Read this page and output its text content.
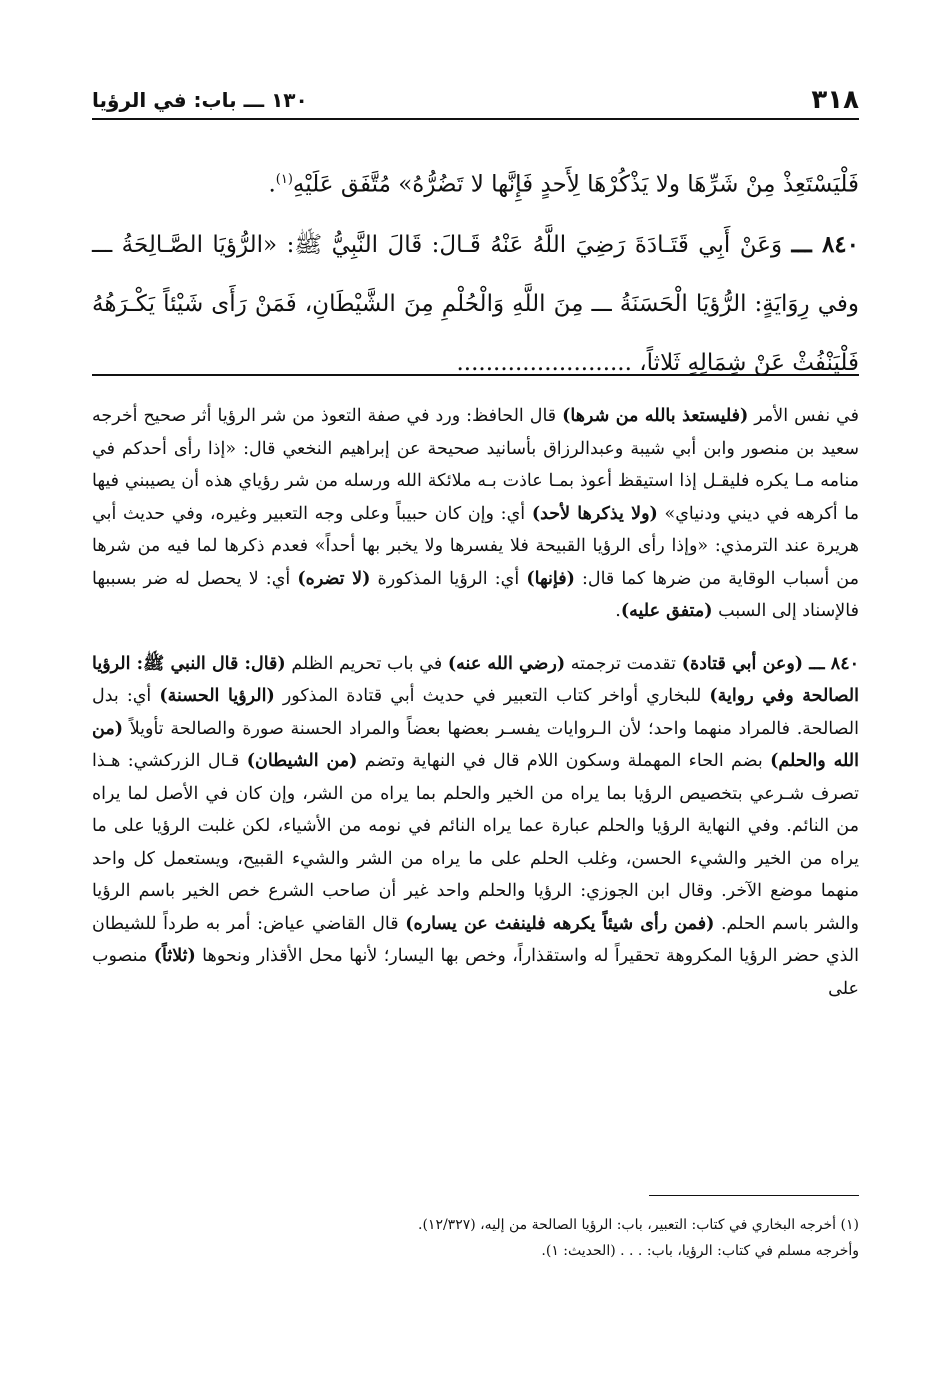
٣١٨
١٣٠ ـــ باب: في الرؤيا

فَلْيَسْتَعِذْ مِنْ شَرِّهَا ولا يَذْكُرْهَا لِأَحدٍ فَإِنَّها لا تَضُرُّهُ» مُتَّفَق عَلَيْهِ$^{(١)}$.

٨٤٠ ـــ وَعَنْ أَبِي قَتَـادَةَ رَضِيَ اللَّهُ عَنْهُ قَـالَ: قَالَ النَّبِيُّ ﷺ: «الرُّؤيَا الصَّـالِحَةُ ـــ وفي رِوَايَةٍ: الرُّؤيَا الْحَسَنَةُ ـــ مِنَ اللَّهِ وَالْحُلْمِ مِنَ الشَّيْطَانِ، فَمَنْ رَأَى شَيْئاً يَكْـرَهُهُ فَلْيَنْفُثْ عَنْ شِمَالِهِ ثَلاثاً، ........................

في نفس الأمر (فليستعذ بالله من شرها) قال الحافظ: ورد في صفة التعوذ من شر الرؤيا أثر صحيح أخرجه سعيد بن منصور وابن أبي شيبة وعبدالرزاق بأسانيد صحيحة عن إبراهيم النخعي قال: «إذا رأى أحدكم في منامه مـا يكره فليقـل إذا استيقظ أعوذ بمـا عاذت بـه ملائكة الله ورسله من شر رؤياي هذه أن يصيبني فيها ما أكرهه في ديني ودنياي» (ولا يذكرها لأحد) أي: وإن كان حبيباً وعلى وجه التعبير وغيره، وفي حديث أبي هريرة عند الترمذي: «وإذا رأى الرؤيا القبيحة فلا يفسرها ولا يخبر بها أحداً» فعدم ذكرها لما فيه من شرها من أسباب الوقاية من ضرها كما قال: (فإنها) أي: الرؤيا المذكورة (لا تضره) أي: لا يحصل له ضر بسببها فالإسناد إلى السبب (متفق عليه).

٨٤٠ ـــ (وعن أبي قتادة) تقدمت ترجمته (رضي الله عنه) في باب تحريم الظلم (قال: قال النبي ﷺ: الرؤيا الصالحة وفي رواية) للبخاري أواخر كتاب التعبير في حديث أبي قتادة المذكور (الرؤيا الحسنة) أي: بدل الصالحة. فالمراد منهما واحد؛ لأن الـروايات يفسـر بعضها بعضاً والمراد الحسنة صورة والصالحة تأويلاً (من الله والحلم) بضم الحاء المهملة وسكون اللام قال في النهاية وتضم (من الشيطان) قـال الزركشي: هـذا تصرف شـرعي بتخصيص الرؤيا بما يراه من الخير والحلم بما يراه من الشر، وإن كان في الأصل لما يراه من النائم. وفي النهاية الرؤيا والحلم عبارة عما يراه النائم في نومه من الأشياء، لكن غلبت الرؤيا على ما يراه من الخير والشيء الحسن، وغلب الحلم على ما يراه من الشر والشيء القبيح، ويستعمل كل واحد منهما موضع الآخر. وقال ابن الجوزي: الرؤيا والحلم واحد غير أن صاحب الشرع خص الخير باسم الرؤيا والشر باسم الحلم. (فمن رأى شيئاً يكرهه فلينفث عن يساره) قال القاضي عياض: أمر به طرداً للشيطان الذي حضر الرؤيا المكروهة تحقيراً له واستقذاراً، وخص بها اليسار؛ لأنها محل الأقذار ونحوها (ثلاثاً) منصوب على

(١) أخرجه البخاري في كتاب: التعبير، باب: الرؤيا الصالحة من إليه، (١٢/٣٢٧).
وأخرجه مسلم في كتاب: الرؤيا، باب: . . . (الحديث: ١).
